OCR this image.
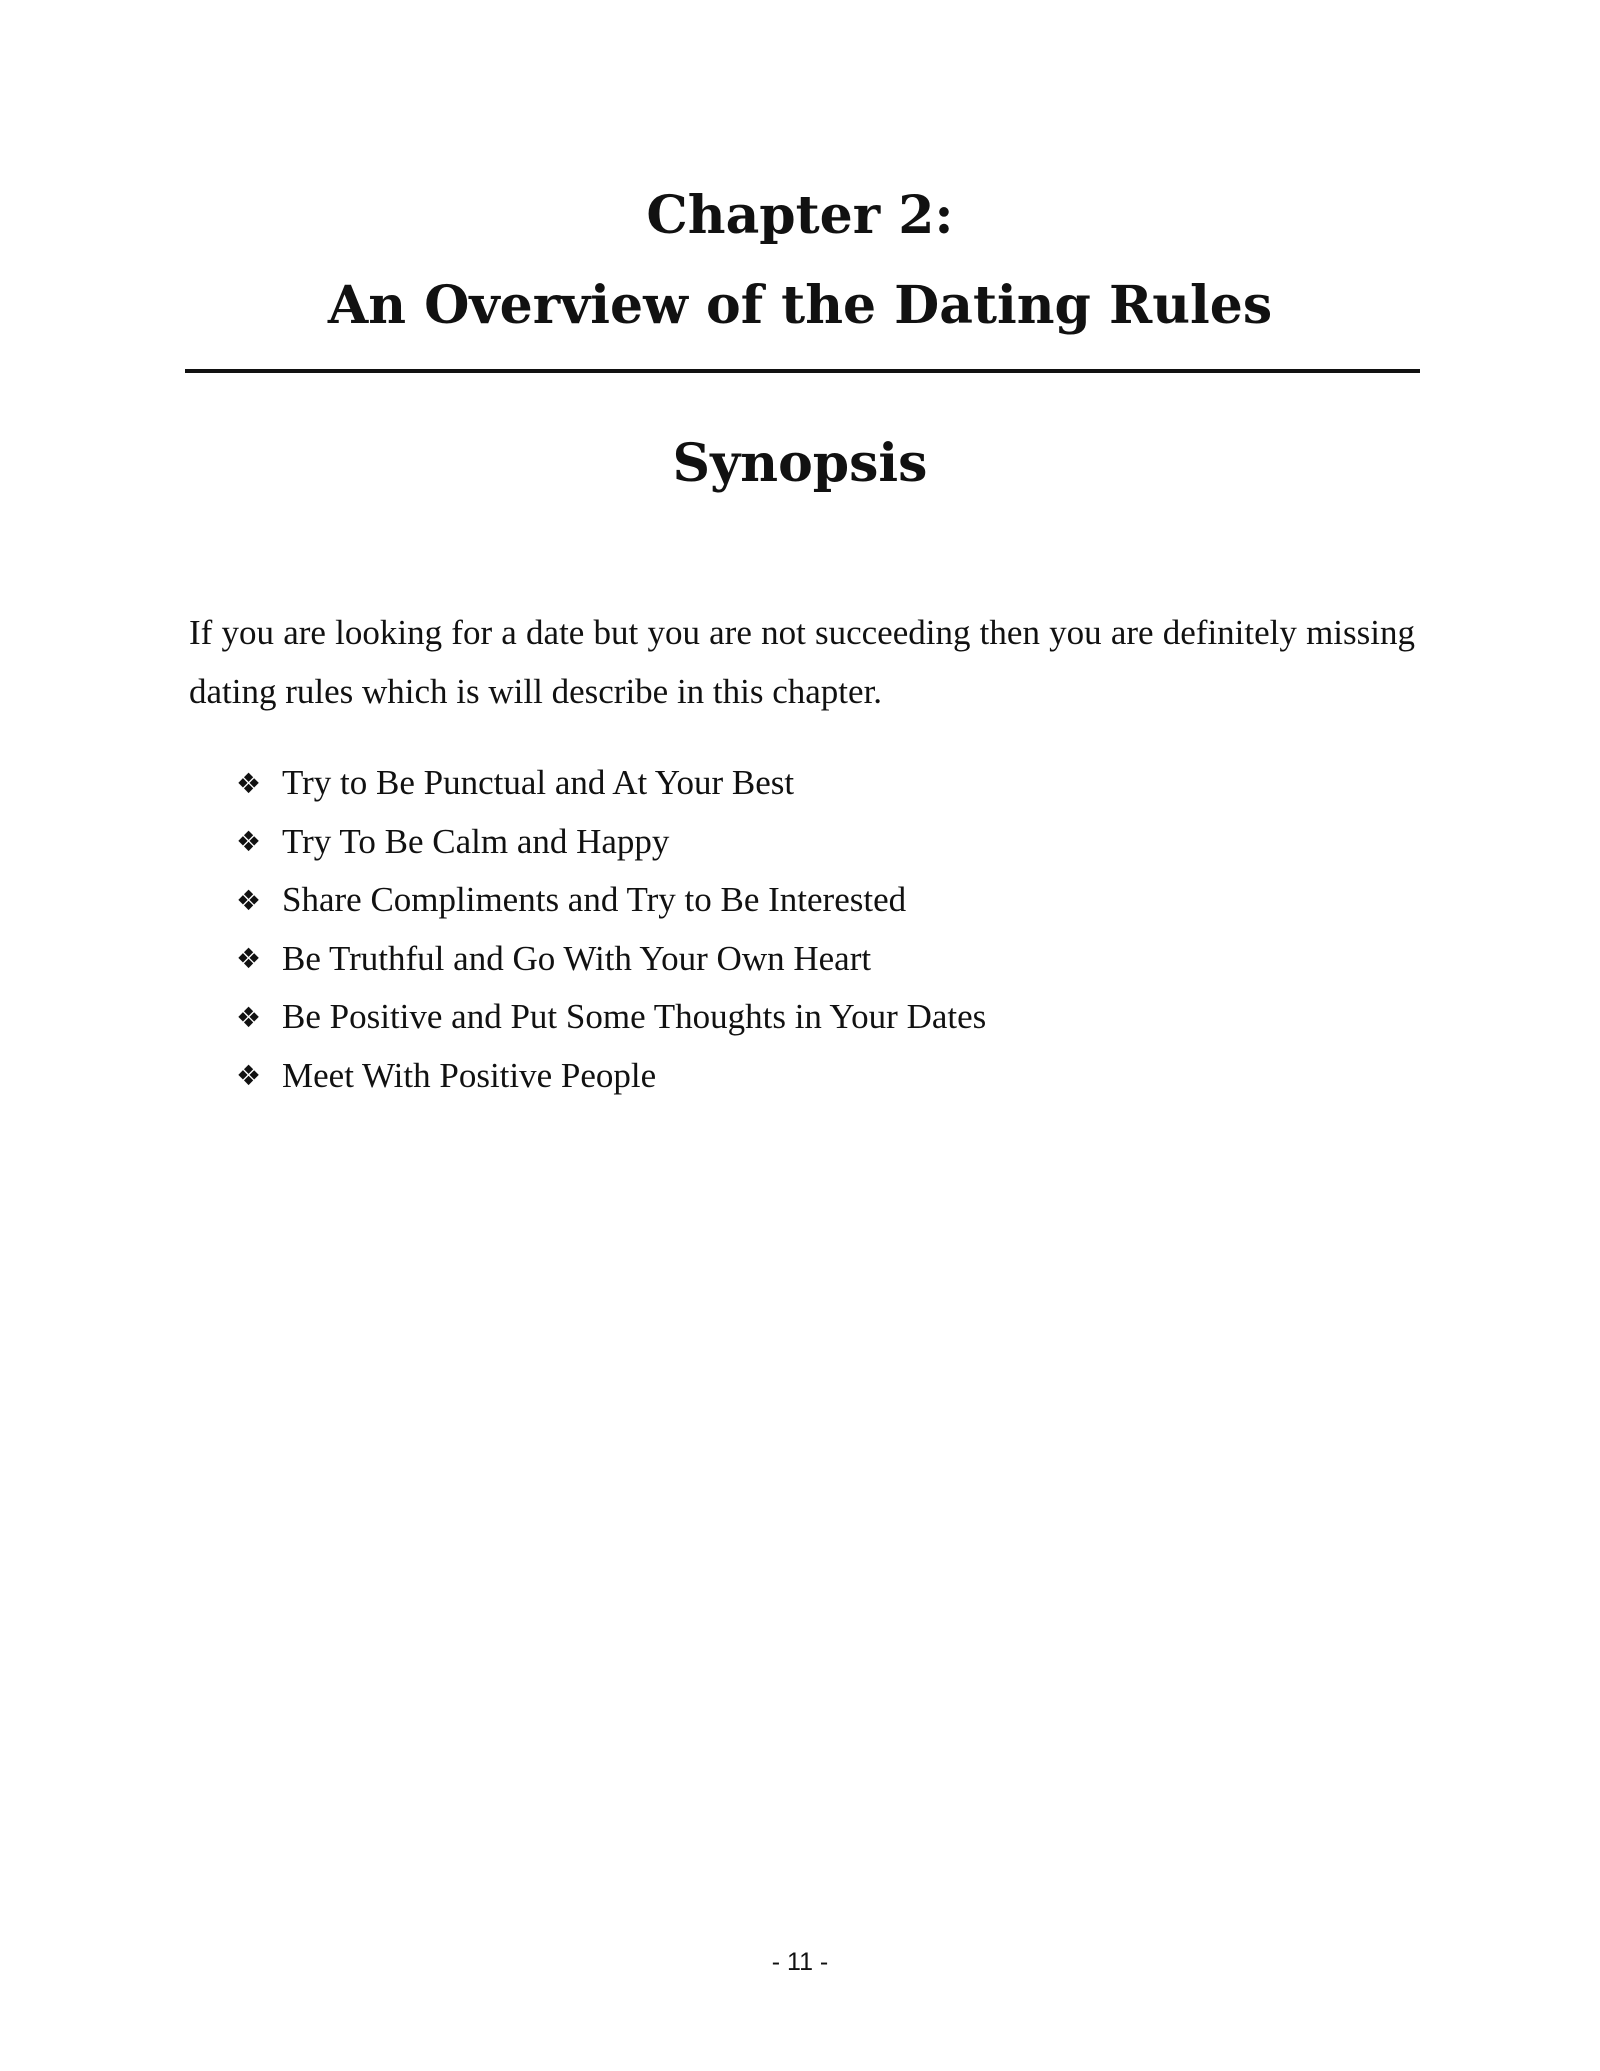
Chapter 2:
An Overview of the Dating Rules
Synopsis

If you are looking for a date but you are not succeeding then you are definitely missing dating rules which is will describe in this chapter.

❖ Try to Be Punctual and At Your Best
❖ Try To Be Calm and Happy
❖ Share Compliments and Try to Be Interested
❖ Be Truthful and Go With Your Own Heart
❖ Be Positive and Put Some Thoughts in Your Dates
❖ Meet With Positive People
- 11 -
